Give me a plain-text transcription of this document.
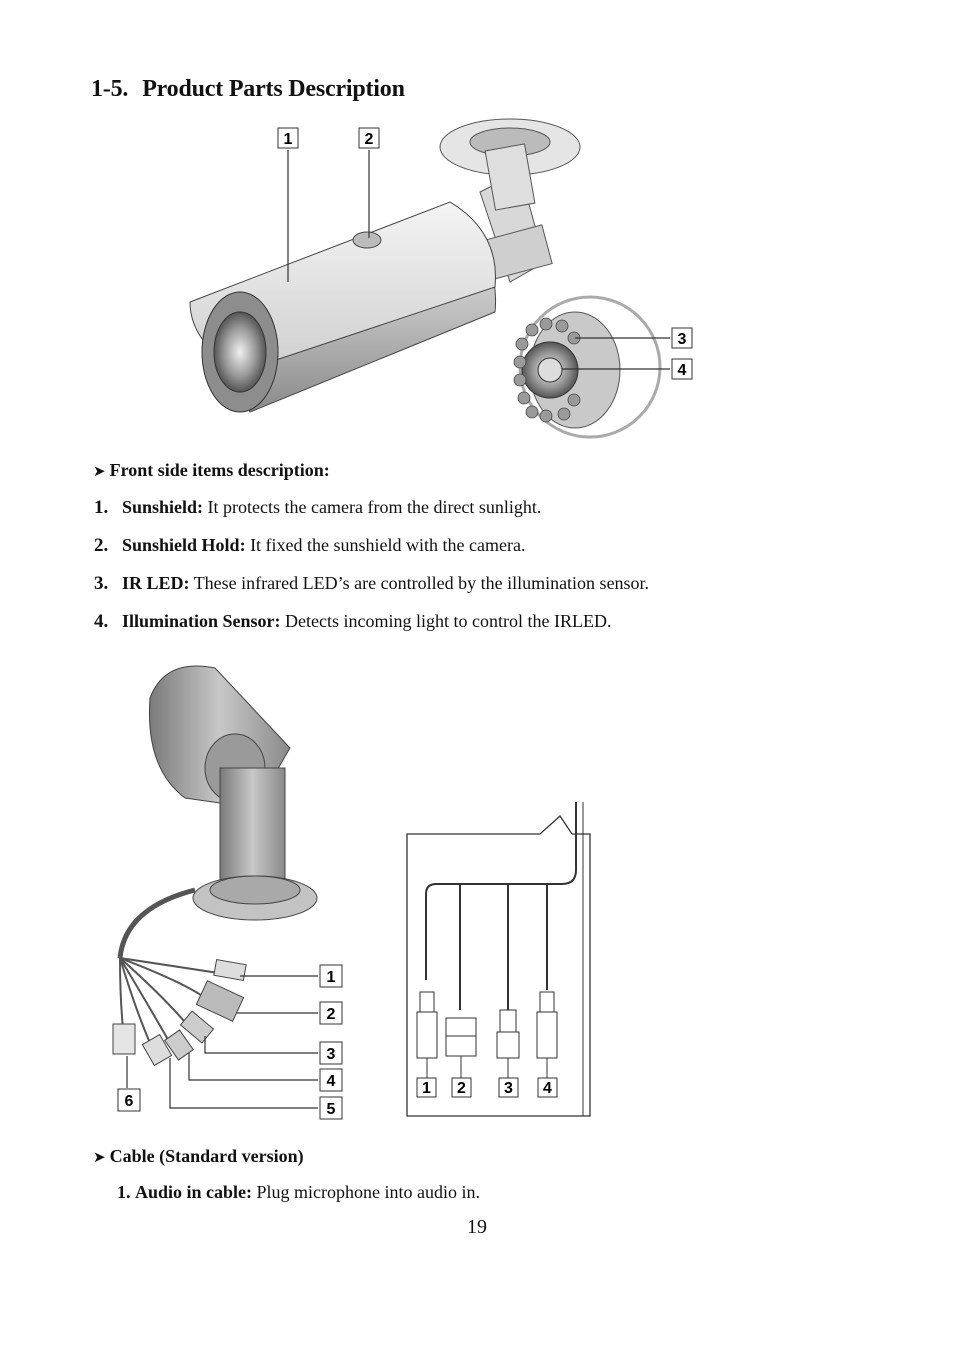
1-5. Product Parts Description
1	2
3
4
➤ Front side items description:
1. Sunshield: It protects the camera from the direct sunlight.
2. Sunshield Hold: It fixed the sunshield with the camera.
3. IR LED: These infrared LED’s are controlled by the illumination sensor.
4. Illumination Sensor: Detects incoming light to control the IRLED.
1
2
3
4
5
6
1 2 3 4
➤ Cable (Standard version)
1. Audio in cable: Plug microphone into audio in.
19
